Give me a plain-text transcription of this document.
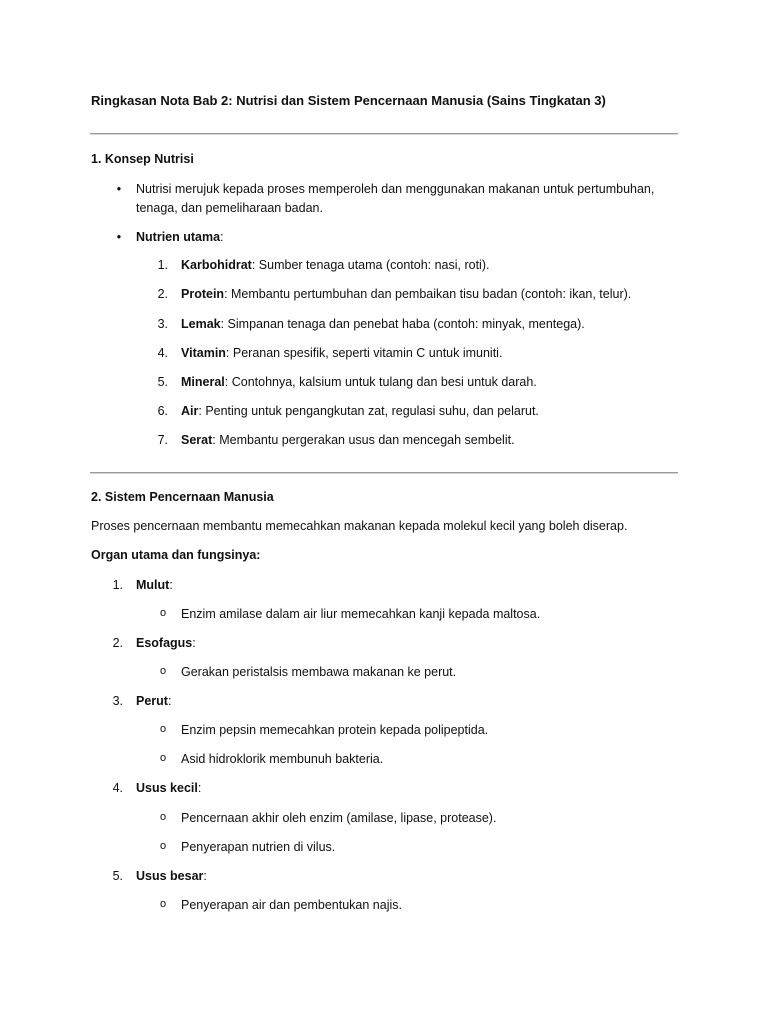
Ringkasan Nota Bab 2: Nutrisi dan Sistem Pencernaan Manusia (Sains Tingkatan 3)
1. Konsep Nutrisi
• Nutrisi merujuk kepada proses memperoleh dan menggunakan makanan untuk pertumbuhan, tenaga, dan pemeliharaan badan.
• Nutrien utama:
1. Karbohidrat: Sumber tenaga utama (contoh: nasi, roti).
2. Protein: Membantu pertumbuhan dan pembaikan tisu badan (contoh: ikan, telur).
3. Lemak: Simpanan tenaga dan penebat haba (contoh: minyak, mentega).
4. Vitamin: Peranan spesifik, seperti vitamin C untuk imuniti.
5. Mineral: Contohnya, kalsium untuk tulang dan besi untuk darah.
6. Air: Penting untuk pengangkutan zat, regulasi suhu, dan pelarut.
7. Serat: Membantu pergerakan usus dan mencegah sembelit.
2. Sistem Pencernaan Manusia
Proses pencernaan membantu memecahkan makanan kepada molekul kecil yang boleh diserap.
Organ utama dan fungsinya:
1. Mulut:
o Enzim amilase dalam air liur memecahkan kanji kepada maltosa.
2. Esofagus:
o Gerakan peristalsis membawa makanan ke perut.
3. Perut:
o Enzim pepsin memecahkan protein kepada polipeptida.
o Asid hidroklorik membunuh bakteria.
4. Usus kecil:
o Pencernaan akhir oleh enzim (amilase, lipase, protease).
o Penyerapan nutrien di vilus.
5. Usus besar:
o Penyerapan air dan pembentukan najis.
